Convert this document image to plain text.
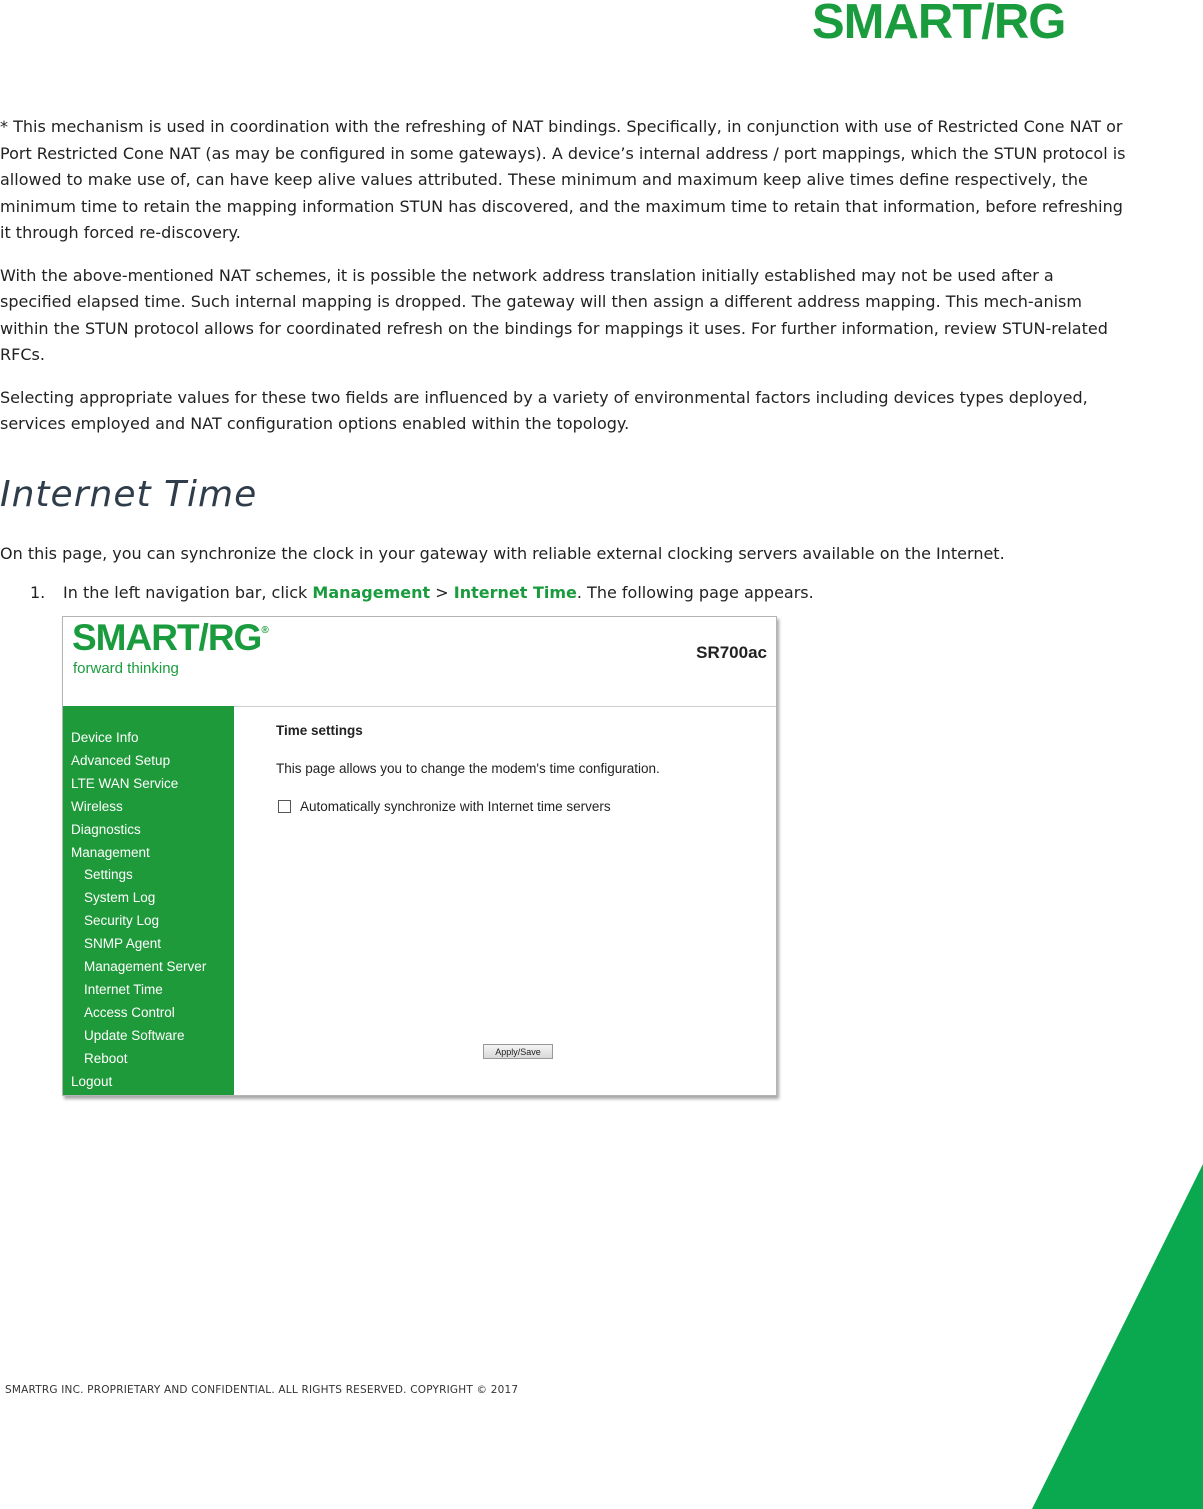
SMART/RG

* This mechanism is used in coordination with the refreshing of NAT bindings. Specifically, in conjunction with use of Restricted Cone NAT or Port Restricted Cone NAT (as may be configured in some gateways). A device’s internal address / port mappings, which the STUN protocol is allowed to make use of, can have keep alive values attributed. These minimum and maximum keep alive times define respectively, the minimum time to retain the mapping information STUN has discovered, and the maximum time to retain that information, before refreshing it through forced re-discovery.

With the above-mentioned NAT schemes, it is possible the network address translation initially established may not be used after a specified elapsed time. Such internal mapping is dropped. The gateway will then assign a different address mapping. This mech-anism within the STUN protocol allows for coordinated refresh on the bindings for mappings it uses. For further information, review STUN-related RFCs.

Selecting appropriate values for these two fields are influenced by a variety of environmental factors including devices types deployed, services employed and NAT configuration options enabled within the topology.

Internet Time

On this page, you can synchronize the clock in your gateway with reliable external clocking servers available on the Internet.

1. In the left navigation bar, click Management > Internet Time. The following page appears.

SMART/RG®
forward thinking
SR700ac
Device Info
Advanced Setup
LTE WAN Service
Wireless
Diagnostics
Management
Settings
System Log
Security Log
SNMP Agent
Management Server
Internet Time
Access Control
Update Software
Reboot
Logout
Time settings
This page allows you to change the modem's time configuration.
Automatically synchronize with Internet time servers
Apply/Save
SMARTRG INC. PROPRIETARY AND CONFIDENTIAL. ALL RIGHTS RESERVED. COPYRIGHT © 2017
